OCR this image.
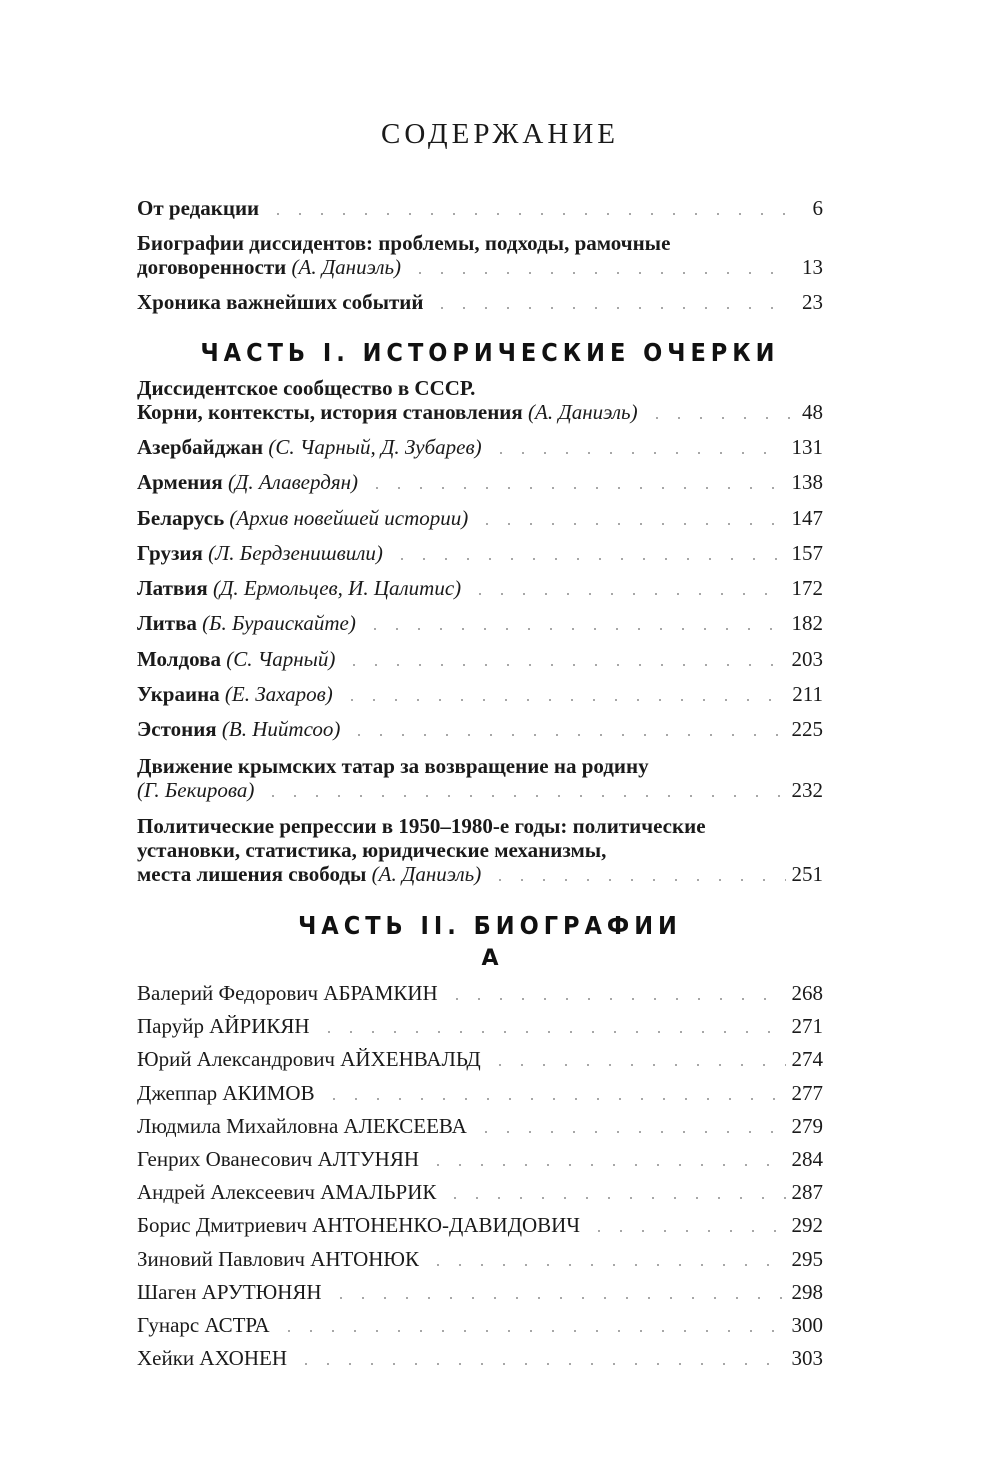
СОДЕРЖАНИЕ
От редакции	6
Биографии диссидентов: проблемы, подходы, рамочные
договоренности
(А. Даниэль)	13
Хроника важнейших событий	23
ЧАСТЬ I. ИСТОРИЧЕСКИЕ ОЧЕРКИ
Диссидентское сообщество в СССР.
Корни, контексты, история становления
(А. Даниэль)	48
Азербайджан
(С. Чарный, Д. Зубарев)	131
Армения
(Д. Алавердян)	138
Беларусь
(Архив новейшей истории)	147
Грузия
(Л. Бердзенишвили)	157
Латвия
(Д. Ермольцев, И. Цалитис)	172
Литва
(Б. Бурauскайте)	182
Молдова
(С. Чарный)	203
Украина
(Е. Захаров)	211
Эстония
(В. Нийтсоо)	225
Движение крымских татар за возвращение на родину
(Г. Бекирова)	232
Политические репрессии в 1950–1980-е годы: политические
установки, статистика, юридические механизмы,
места лишения свободы
(А. Даниэль)	251
ЧАСТЬ II. БИОГРАФИИ
А
Валерий Федорович АБРАМКИН	268
Паруйр АЙРИКЯН	271
Юрий Александрович АЙХЕНВАЛЬД	274
Джеппар АКИМОВ	277
Людмила Михайловна АЛЕКСЕЕВА	279
Генрих Ованесович АЛТУНЯН	284
Андрей Алексеевич АМАЛЬРИК	287
Борис Дмитриевич АНТОНЕНКО-ДАВИДОВИЧ	292
Зиновий Павлович АНТОНЮК	295
Шаген АРУТЮНЯН	298
Гунарс АСТРА	300
Хейки АХОНЕН	303
